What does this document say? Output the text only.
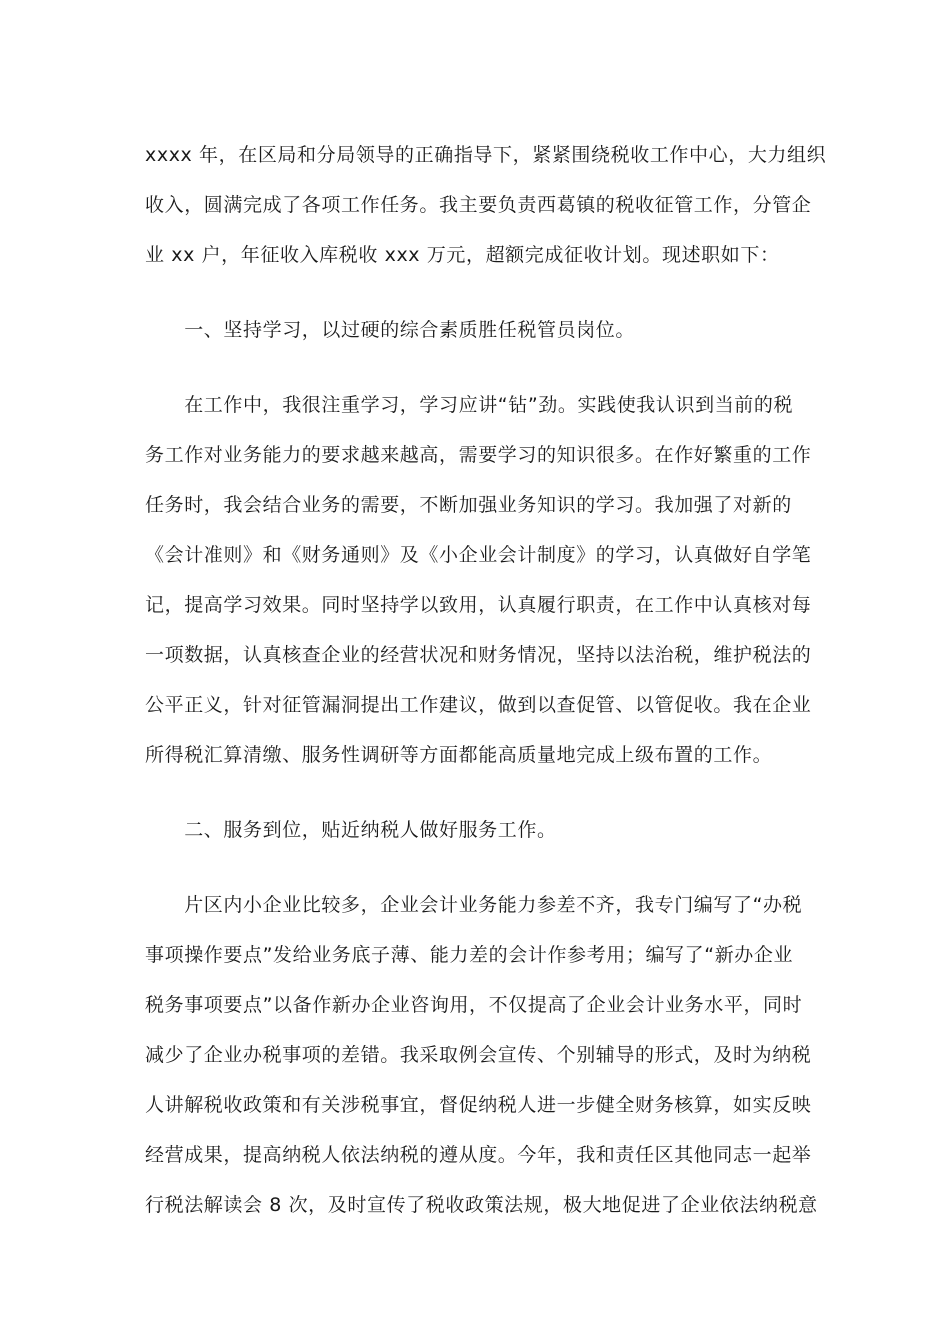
xxxx 年，在区局和分局领导的正确指导下，紧紧围绕税收工作中心，大力组织
收入，圆满完成了各项工作任务。我主要负责西葛镇的税收征管工作，分管企
业 xx 户，年征收入库税收 xxx 万元，超额完成征收计划。现述职如下：
　　一、坚持学习，以过硬的综合素质胜任税管员岗位。
　　在工作中，我很注重学习，学习应讲“钻”劲。实践使我认识到当前的税
务工作对业务能力的要求越来越高，需要学习的知识很多。在作好繁重的工作
任务时，我会结合业务的需要，不断加强业务知识的学习。我加强了对新的
《会计准则》和《财务通则》及《小企业会计制度》的学习，认真做好自学笔
记，提高学习效果。同时坚持学以致用，认真履行职责，在工作中认真核对每
一项数据，认真核查企业的经营状况和财务情况，坚持以法治税，维护税法的
公平正义，针对征管漏洞提出工作建议，做到以查促管、以管促收。我在企业
所得税汇算清缴、服务性调研等方面都能高质量地完成上级布置的工作。
　　二、服务到位，贴近纳税人做好服务工作。
　　片区内小企业比较多，企业会计业务能力参差不齐，我专门编写了“办税
事项操作要点”发给业务底子薄、能力差的会计作参考用；编写了“新办企业
税务事项要点”以备作新办企业咨询用，不仅提高了企业会计业务水平，同时
减少了企业办税事项的差错。我采取例会宣传、个别辅导的形式，及时为纳税
人讲解税收政策和有关涉税事宜，督促纳税人进一步健全财务核算，如实反映
经营成果，提高纳税人依法纳税的遵从度。今年，我和责任区其他同志一起举
行税法解读会 8 次，及时宣传了税收政策法规，极大地促进了企业依法纳税意
